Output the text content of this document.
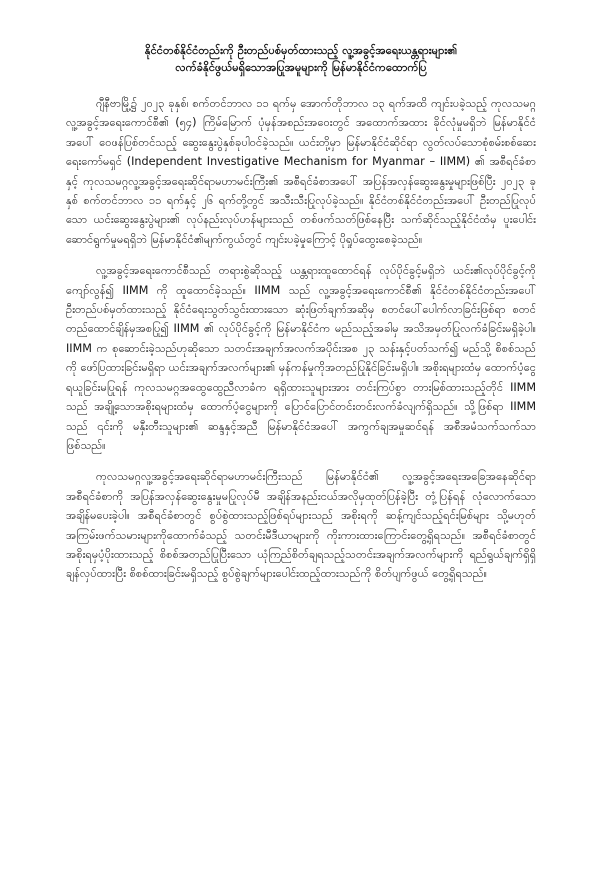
နိုင်ငံတစ်နိုင်ငံတည်းကို ဦးတည်ပစ်မှတ်ထားသည့် လူ့အခွင့်အရေးယန္တရားများ၏
လက်ခံနိုင်ဖွယ်မရှိသောအပြုအမူများကို မြန်မာနိုင်ငံကထောက်ပြ

ဂျီနီဗာမြို့၌ ၂၀၂၃ ခုနှစ်၊ စက်တင်ဘာလ ၁၁ ရက်မှ အောက်တိုဘာလ ၁၃ ရက်အထိ ကျင်းပခဲ့သည့် ကုလသမဂ္ဂလူ့အခွင့်အရေးကောင်စီ၏ (၅၄) ကြိမ်မြောက် ပုံမှန်အစည်းအဝေးတွင် အထောက်အထား ခိုင်လုံမှုမရှိဘဲ မြန်မာနိုင်ငံအပေါ် ဝေဖန်ပြစ်တင်သည့် ဆွေးနွေးပွဲနှစ်ခုပါဝင်ခဲ့သည်။ ယင်းတို့မှာ မြန်မာနိုင်ငံဆိုင်ရာ လွတ်လပ်သောစုံစမ်းစစ်ဆေးရေးကော်မရှင် (Independent Investigative Mechanism for Myanmar – IIMM) ၏ အစီရင်ခံစာနှင့် ကုလသမဂ္ဂလူ့အခွင့်အရေးဆိုင်ရာမဟာမင်းကြီး၏ အစီရင်ခံစာအပေါ် အပြန်အလှန်ဆွေးနွေးမှုများဖြစ်ပြီး ၂၀၂၃ ခုနှစ် စက်တင်ဘာလ ၁၁ ရက်နှင့် ၂၆ ရက်တို့တွင် အသီးသီးပြုလုပ်ခဲ့သည်။ နိုင်ငံတစ်နိုင်ငံတည်းအပေါ် ဦးတည်ပြုလုပ်သော ယင်းဆွေးနွေးပွဲများ၏ လုပ်နည်းလုပ်ဟန်များသည် တစ်ဖက်သတ်ဖြစ်နေပြီး သက်ဆိုင်သည့်နိုင်ငံထံမှ ပူးပေါင်းဆောင်ရွက်မှုမရရှိဘဲ မြန်မာနိုင်ငံ၏မျက်ကွယ်တွင် ကျင်းပခဲ့မှုကြောင့် ပိုရှုပ်ထွေးစေခဲ့သည်။

လူ့အခွင့်အရေးကောင်စီသည် တရားစွဲဆိုသည့် ယန္တရားထူထောင်ရန် လုပ်ပိုင်ခွင့်မရှိဘဲ ယင်း၏လုပ်ပိုင်ခွင့်ကိုကျော်လွန်၍ IIMM ကို ထူထောင်ခဲ့သည်။ IIMM သည် လူ့အခွင့်အရေးကောင်စီ၏ နိုင်ငံတစ်နိုင်ငံတည်းအပေါ် ဦးတည်ပစ်မှတ်ထားသည့် နိုင်ငံရေးသွတ်သွင်းထားသော ဆုံးဖြတ်ချက်အဆိုမှ စတင်ပေါ်ပေါက်လာခြင်းဖြစ်ရာ စတင်တည်ထောင်ချိန်မှအစပြု၍ IIMM ၏ လုပ်ပိုင်ခွင့်ကို မြန်မာနိုင်ငံက မည်သည့်အခါမှ အသိအမှတ်ပြုလက်ခံခြင်းမရှိခဲ့ပါ။ IIMM က စုဆောင်းခဲ့သည်ဟုဆိုသော သတင်းအချက်အလက်အပိုင်းအစ ၂၃ သန်းနှင့်ပတ်သက်၍ မည်သို့ စိစစ်သည်ကို ဖော်ပြထားခြင်းမရှိရာ ယင်းအချက်အလက်များ၏ မှန်ကန်မှုကိုအတည်ပြုနိုင်ခြင်းမရှိပါ။ အစိုးရများထံမှ ထောက်ပံ့ငွေရယူခြင်းမပြုရန် ကုလသမဂ္ဂအထွေထွေညီလာခံက ရရှိထားသူများအား တင်းကြပ်စွာ တားမြစ်ထားသည့်တိုင် IIMM သည် အချို့သောအစိုးရများထံမှ ထောက်ပံ့ငွေများကို ပြောင်ပြောင်တင်းတင်းလက်ခံလျက်ရှိသည်။ သို့ဖြစ်ရာ IIMM သည် ၎င်းကို မနှီးတီးသူများ၏ ဆန္ဒနှင့်အညီ မြန်မာနိုင်ငံအပေါ် အကွက်ချအမှုဆင်ရန် အစီအမံသက်သက်သာဖြစ်သည်။

ကုလသမဂ္ဂလူ့အခွင့်အရေးဆိုင်ရာမဟာမင်းကြီးသည် မြန်မာနိုင်ငံ၏ လူ့အခွင့်အရေးအခြေအနေဆိုင်ရာအစီရင်ခံစာကို အပြန်အလှန်ဆွေးနွေးမှုမပြုလုပ်မီ အချိန်အနည်းငယ်အလိုမှထုတ်ပြန်ခဲ့ပြီး တုံ့ပြန်ရန် လုံလောက်သောအချိန်မပေးခဲ့ပါ။ အစီရင်ခံစာတွင် စွပ်စွဲထားသည့်ဖြစ်ရပ်များသည် အစိုးရကို ဆန့်ကျင်သည့်ရင်းမြစ်များ သို့မဟုတ် အကြမ်းဖက်သမားများကိုထောက်ခံသည့် သတင်းမီဒီယာများကို ကိုးကားထားကြောင်းတွေ့ရှိရသည်။ အစီရင်ခံစာတွင် အစိုးရမှပံ့ပိုးထားသည့် စိစစ်အတည်ပြုပြီးသော ယုံကြည်စိတ်ချရသည့်သတင်းအချက်အလက်များကို ရည်ရွယ်ချက်ရှိရှိချန်လှပ်ထားပြီး စိစစ်ထားခြင်းမရှိသည့် စွပ်စွဲချက်များပေါင်းထည့်ထားသည်ကို စိတ်ပျက်ဖွယ် တွေ့ရှိရသည်။
